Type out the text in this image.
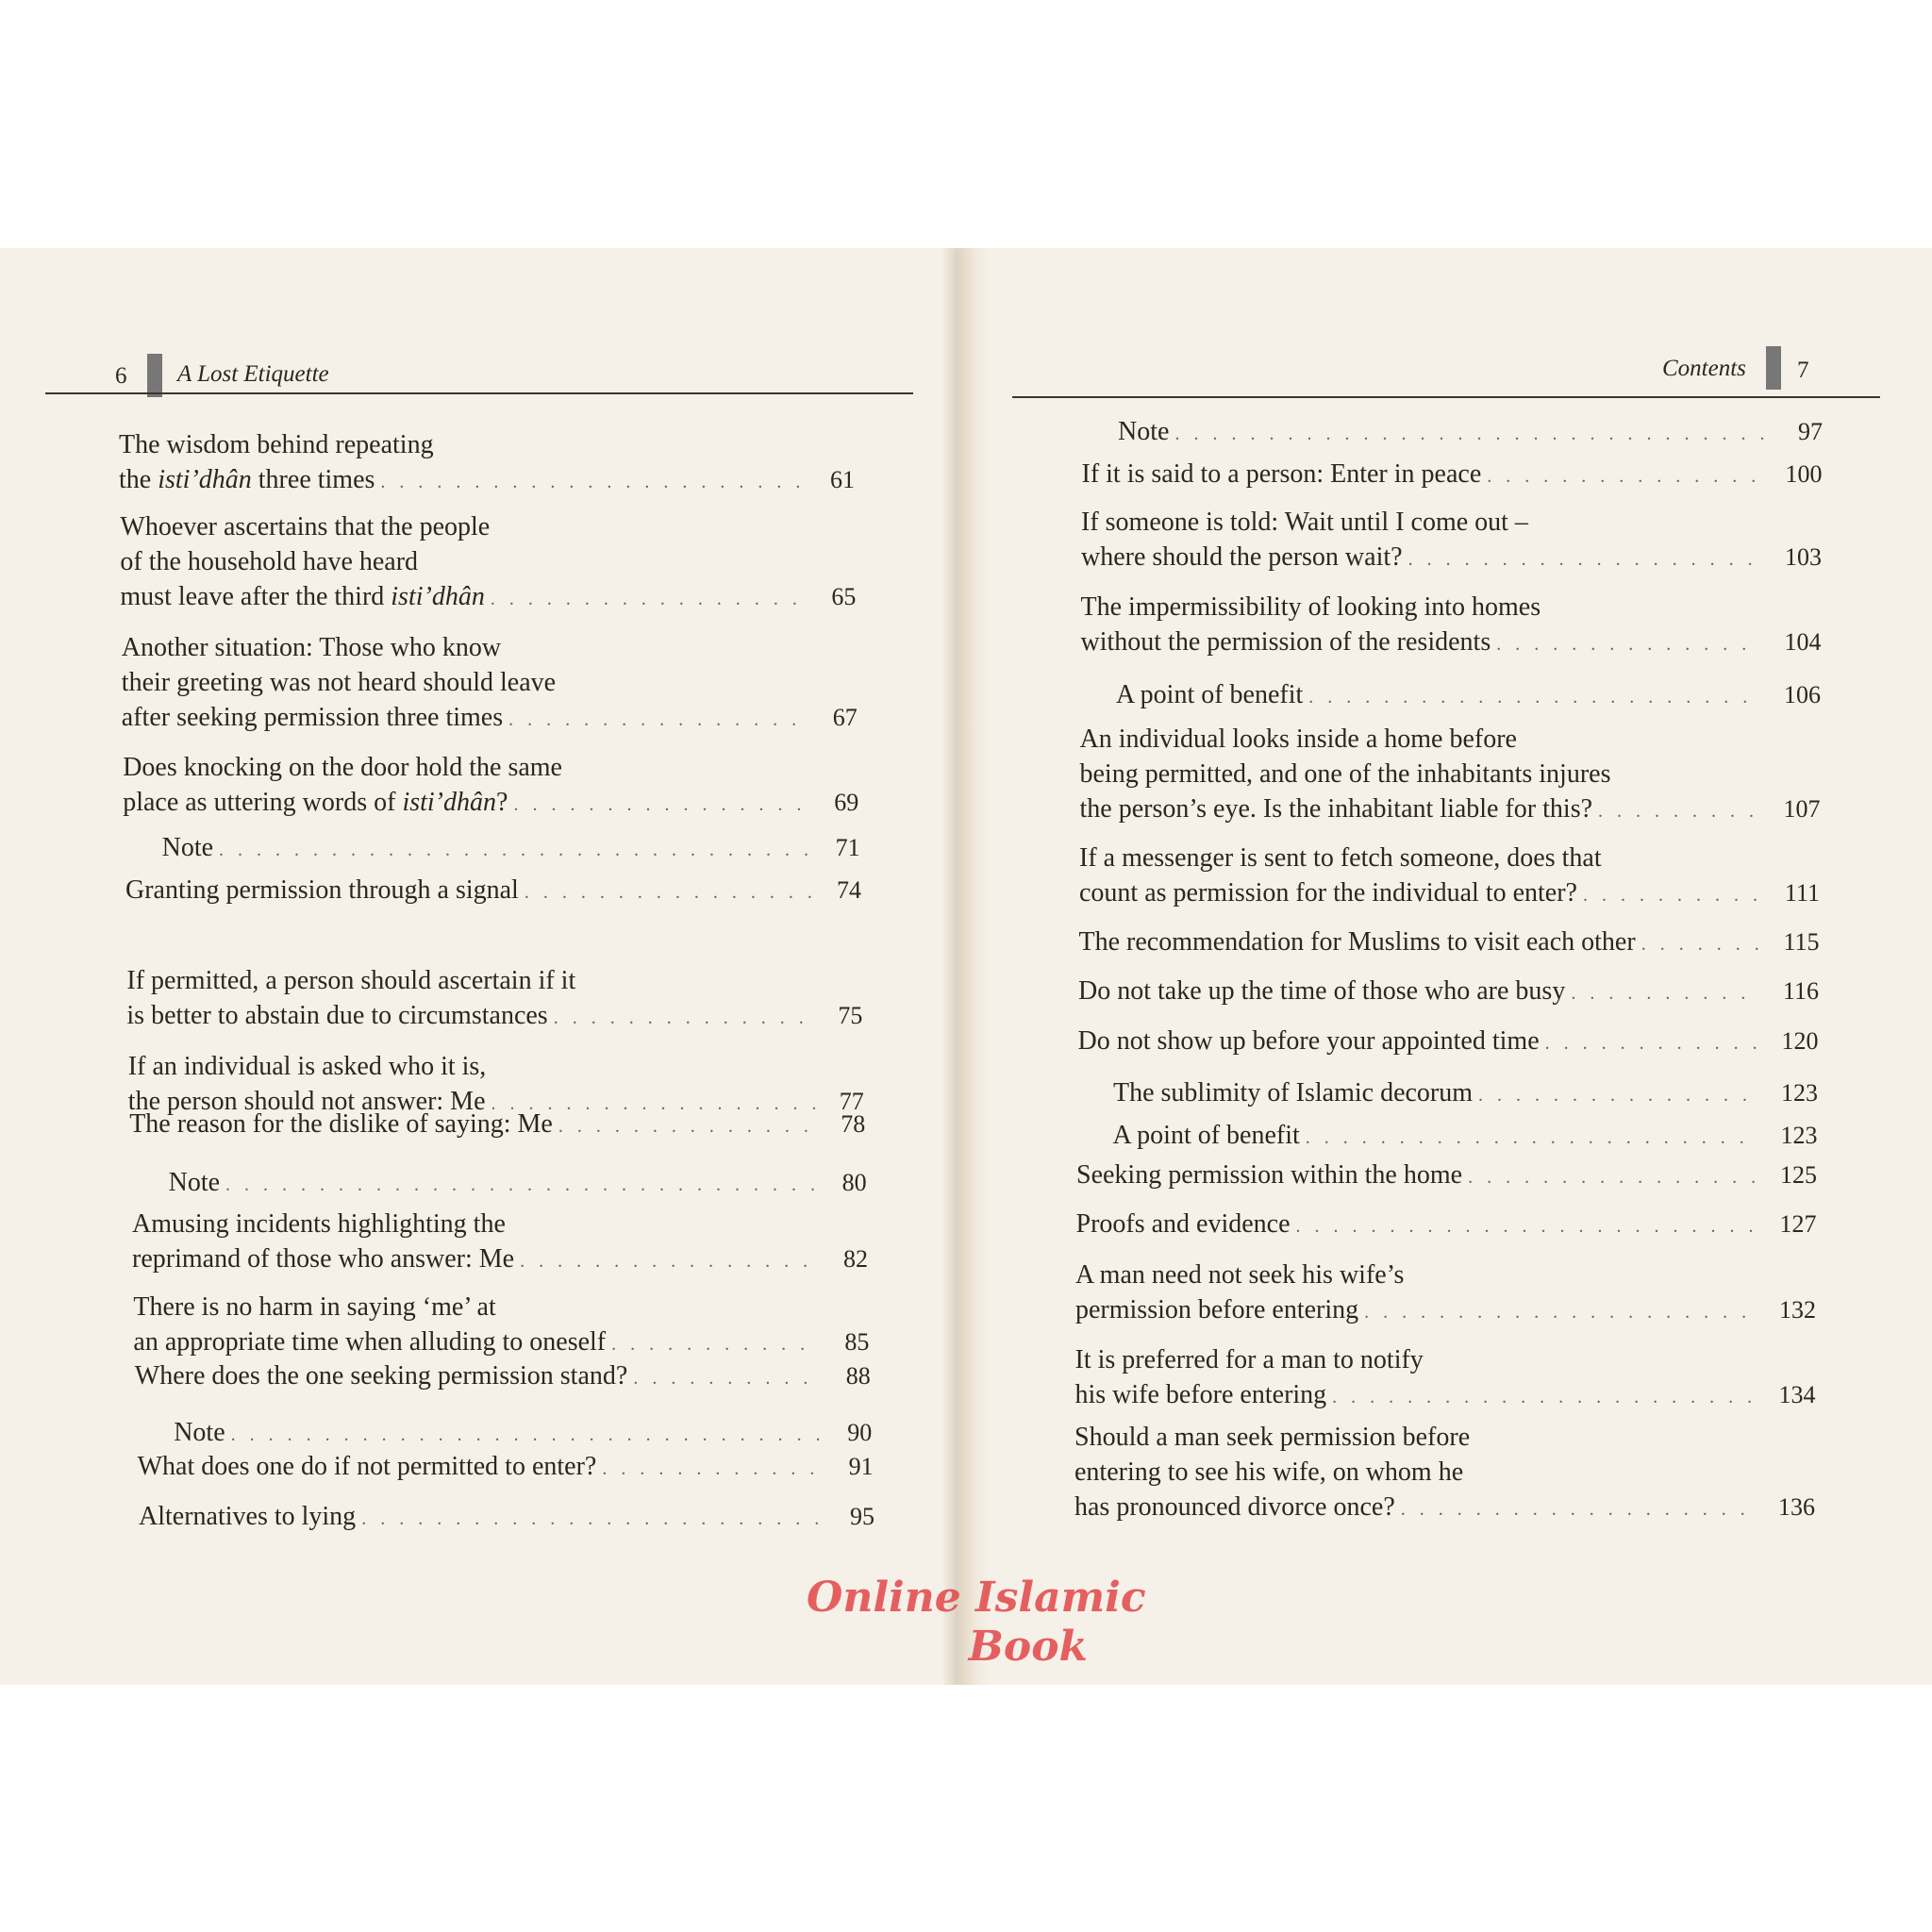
6 A Lost Etiquette
The wisdom behind repeating
the isti’dhân three times . . .	61
Whoever ascertains that the people
of the household have heard
must leave after the third isti’dhân . . .	65
Another situation: Those who know
their greeting was not heard should leave
after seeking permission three times . . .	67
Does knocking on the door hold the same
place as uttering words of isti’dhân? . . .	69
Note . . .	71
Granting permission through a signal . . .	74
If permitted, a person should ascertain if it
is better to abstain due to circumstances . . .	75
If an individual is asked who it is,
the person should not answer: Me . . .	77
The reason for the dislike of saying: Me . . .	78
Note . . .	80
Amusing incidents highlighting the
reprimand of those who answer: Me . . .	82
There is no harm in saying ‘me’ at
an appropriate time when alluding to oneself . . .	85
Where does the one seeking permission stand? . . .	88
Note . . .	90
What does one do if not permitted to enter? . . .	91
Alternatives to lying . . .	95
Contents 7
Note . . .	97
If it is said to a person: Enter in peace . . .	100
If someone is told: Wait until I come out –
where should the person wait? . . .	103
The impermissibility of looking into homes
without the permission of the residents . . .	104
A point of benefit . . .	106
An individual looks inside a home before
being permitted, and one of the inhabitants injures
the person’s eye. Is the inhabitant liable for this? . . .	107
If a messenger is sent to fetch someone, does that
count as permission for the individual to enter? . . .	111
The recommendation for Muslims to visit each other . . .	115
Do not take up the time of those who are busy . . .	116
Do not show up before your appointed time . . .	120
The sublimity of Islamic decorum . . .	123
A point of benefit . . .	123
Seeking permission within the home . . .	125
Proofs and evidence . . .	127
A man need not seek his wife’s
permission before entering . . .	132
It is preferred for a man to notify
his wife before entering . . .	134
Should a man seek permission before
entering to see his wife, on whom he
has pronounced divorce once? . . .	136
Online Islamic
Book
